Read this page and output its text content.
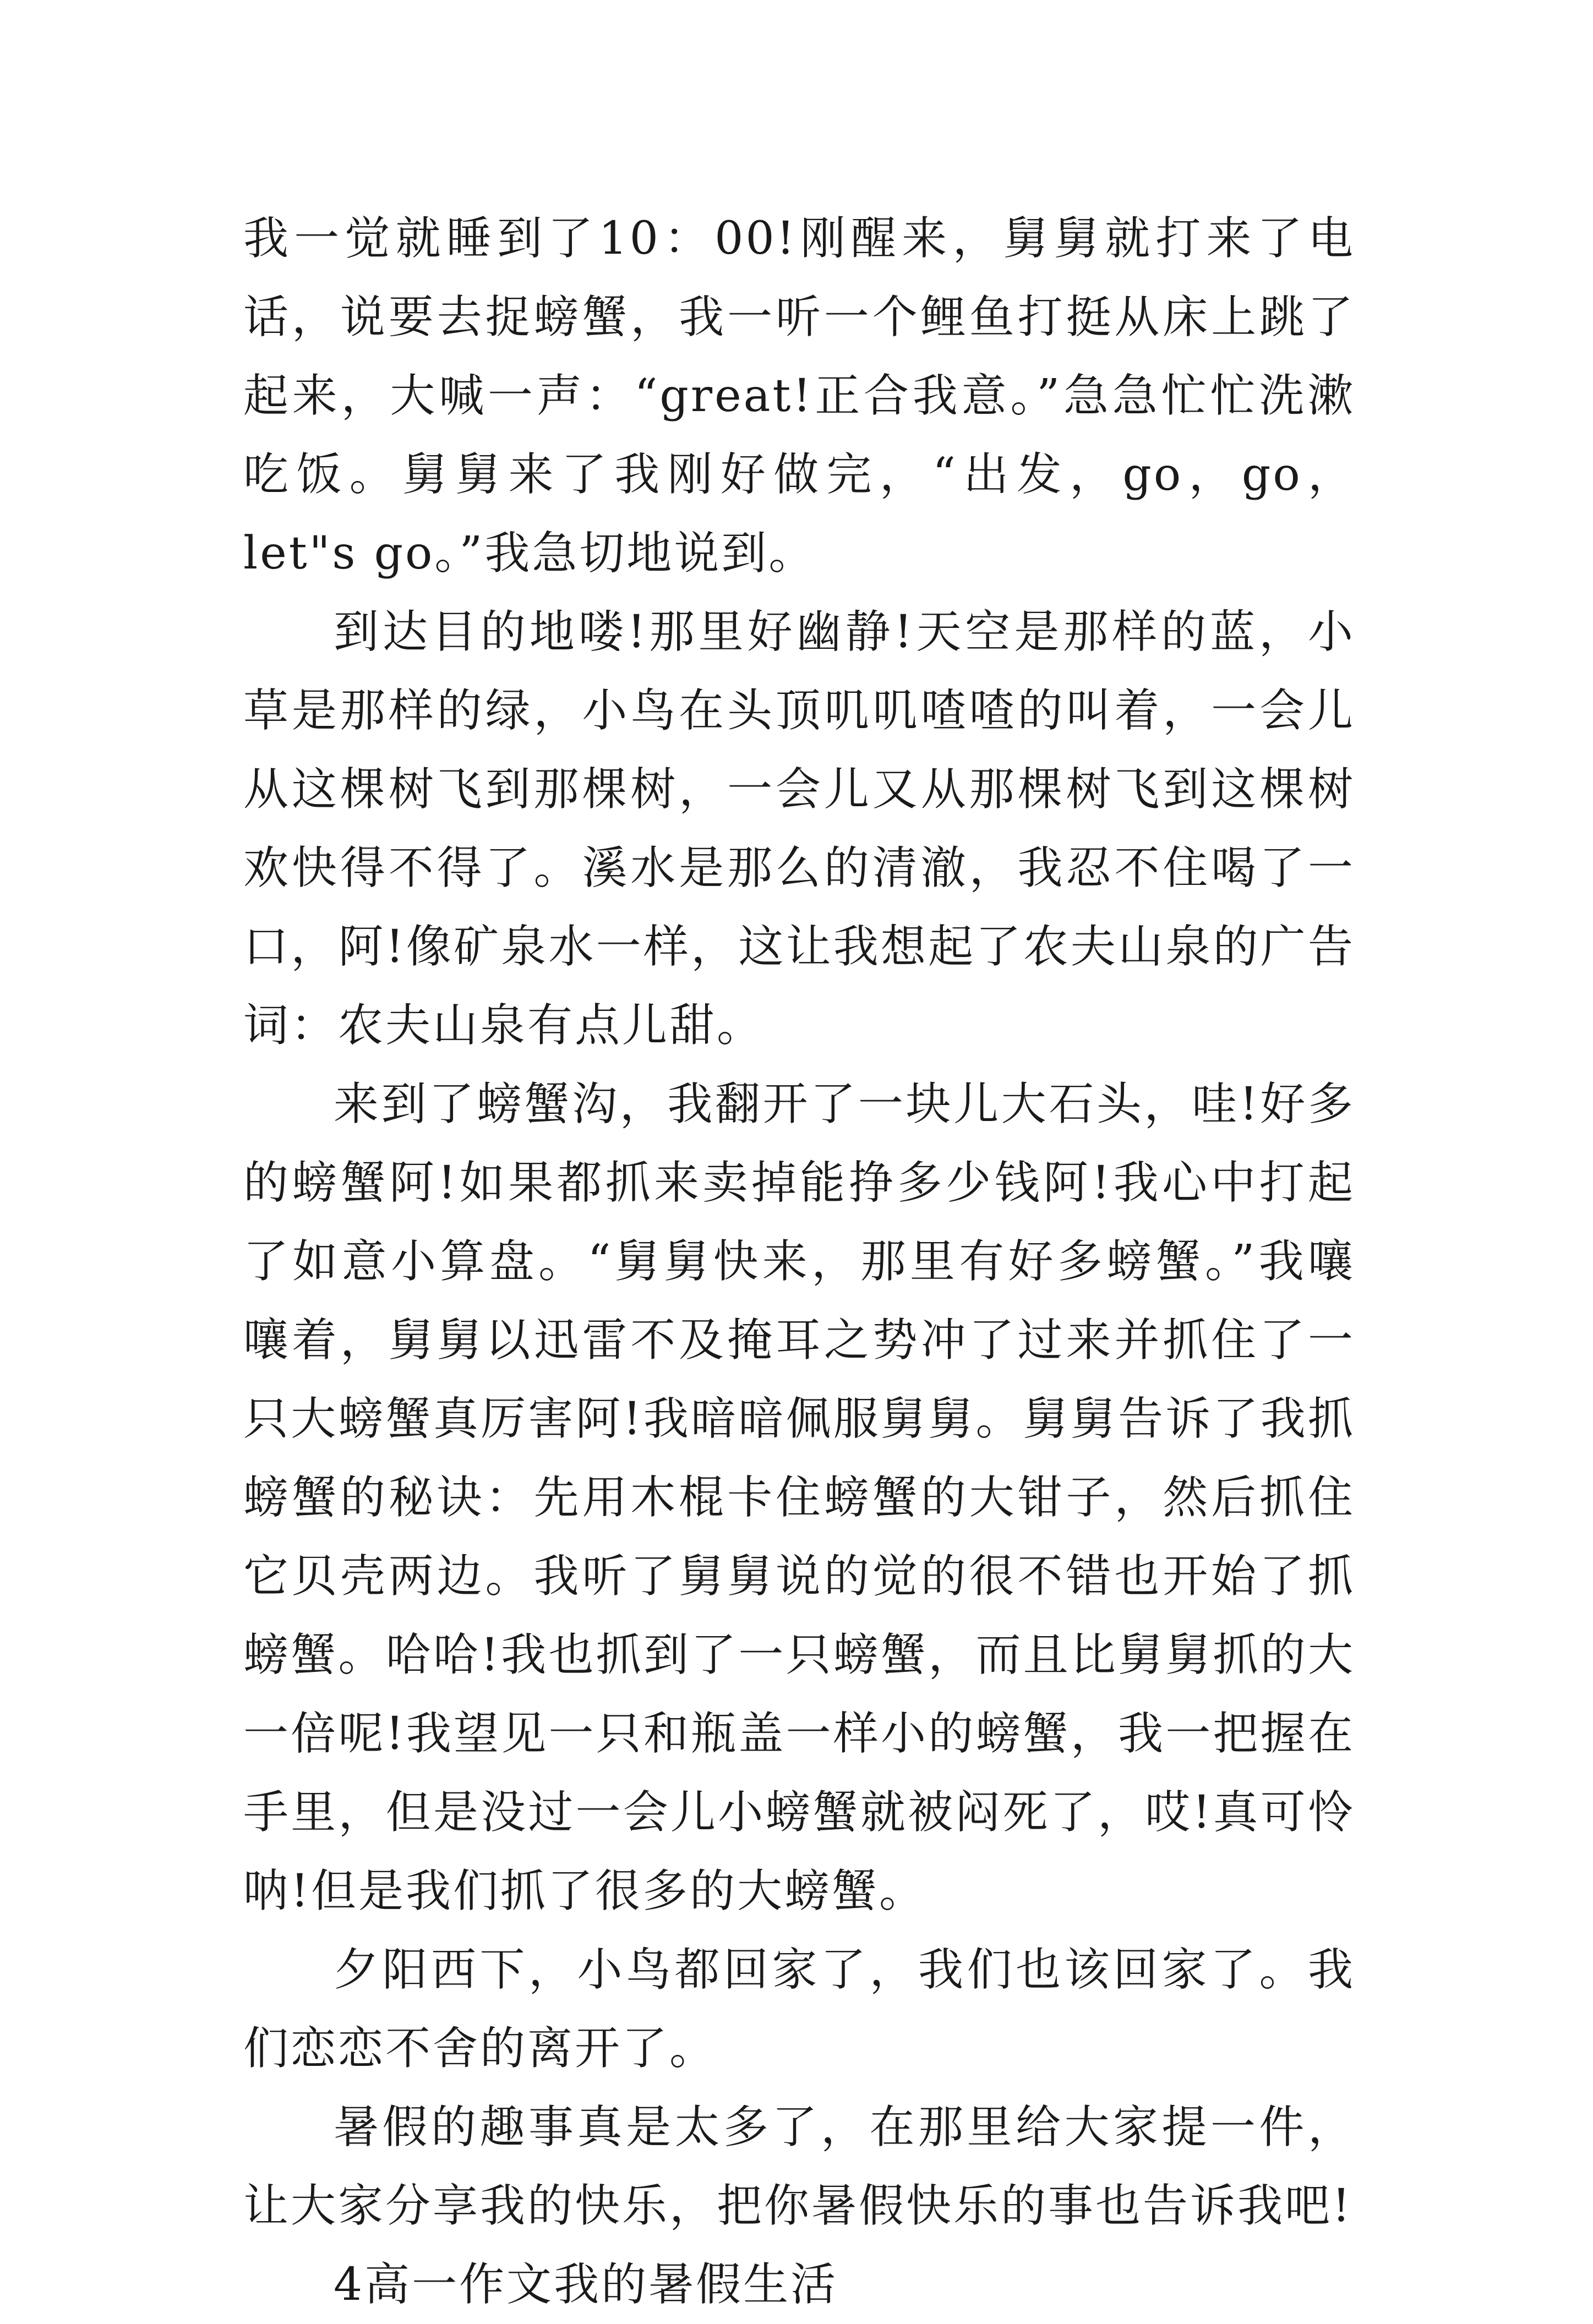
我一觉就睡到了10：00!刚醒来，舅舅就打来了电话，说要去捉螃蟹，我一听一个鲤鱼打挺从床上跳了起来，大喊一声：“great!正合我意。”急急忙忙洗漱吃饭。舅舅来了我刚好做完，“出发，go，go，let"s go。”我急切地说到。

到达目的地喽!那里好幽静!天空是那样的蓝，小草是那样的绿，小鸟在头顶叽叽喳喳的叫着，一会儿从这棵树飞到那棵树，一会儿又从那棵树飞到这棵树欢快得不得了。溪水是那么的清澈，我忍不住喝了一口，阿!像矿泉水一样，这让我想起了农夫山泉的广告词：农夫山泉有点儿甜。

来到了螃蟹沟，我翻开了一块儿大石头，哇!好多的螃蟹阿!如果都抓来卖掉能挣多少钱阿!我心中打起了如意小算盘。“舅舅快来，那里有好多螃蟹。”我嚷嚷着，舅舅以迅雷不及掩耳之势冲了过来并抓住了一只大螃蟹真厉害阿!我暗暗佩服舅舅。舅舅告诉了我抓螃蟹的秘诀：先用木棍卡住螃蟹的大钳子，然后抓住它贝壳两边。我听了舅舅说的觉的很不错也开始了抓螃蟹。哈哈!我也抓到了一只螃蟹，而且比舅舅抓的大一倍呢!我望见一只和瓶盖一样小的螃蟹，我一把握在手里，但是没过一会儿小螃蟹就被闷死了，哎!真可怜呐!但是我们抓了很多的大螃蟹。

夕阳西下，小鸟都回家了，我们也该回家了。我们恋恋不舍的离开了。

暑假的趣事真是太多了，在那里给大家提一件，让大家分享我的快乐，把你暑假快乐的事也告诉我吧!

4高一作文我的暑假生活
